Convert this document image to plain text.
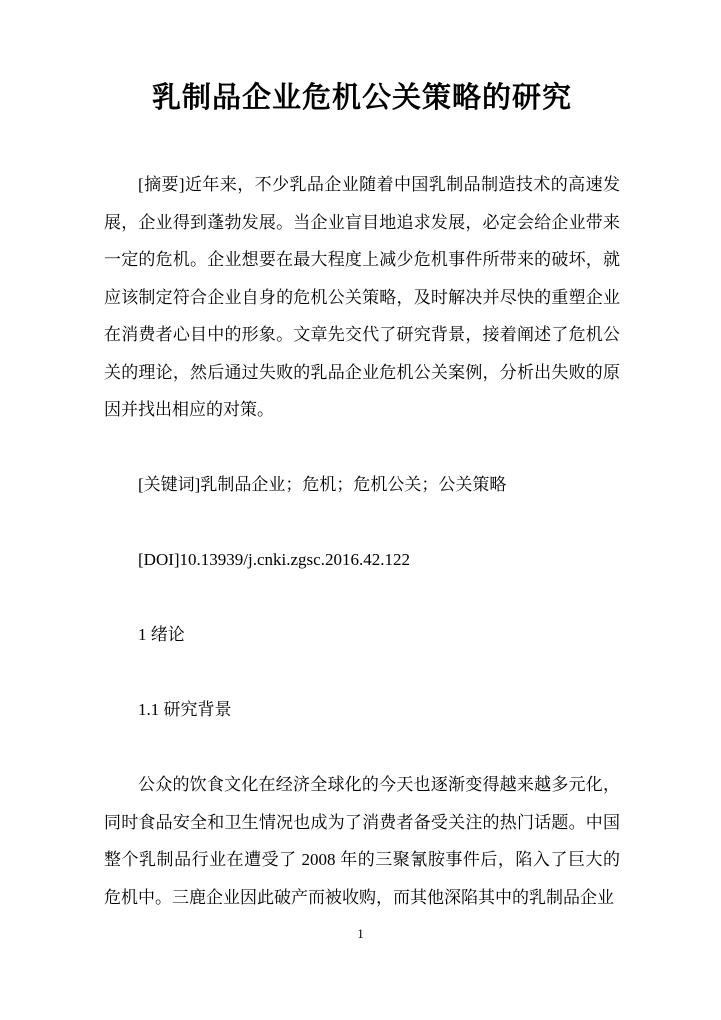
乳制品企业危机公关策略的研究

[摘要]近年来，不少乳品企业随着中国乳制品制造技术的高速发展，企业得到蓬勃发展。当企业盲目地追求发展，必定会给企业带来一定的危机。企业想要在最大程度上减少危机事件所带来的破坏，就应该制定符合企业自身的危机公关策略，及时解决并尽快的重塑企业在消费者心目中的形象。文章先交代了研究背景，接着阐述了危机公关的理论，然后通过失败的乳品企业危机公关案例，分析出失败的原因并找出相应的对策。

[关键词]乳制品企业；危机；危机公关；公关策略

[DOI]10.13939/j.cnki.zgsc.2016.42.122

1 绪论

1.1 研究背景

公众的饮食文化在经济全球化的今天也逐渐变得越来越多元化，同时食品安全和卫生情况也成为了消费者备受关注的热门话题。中国整个乳制品行业在遭受了 2008 年的三聚氰胺事件后，陷入了巨大的危机中。三鹿企业因此破产而被收购，而其他深陷其中的乳制品企业

1
